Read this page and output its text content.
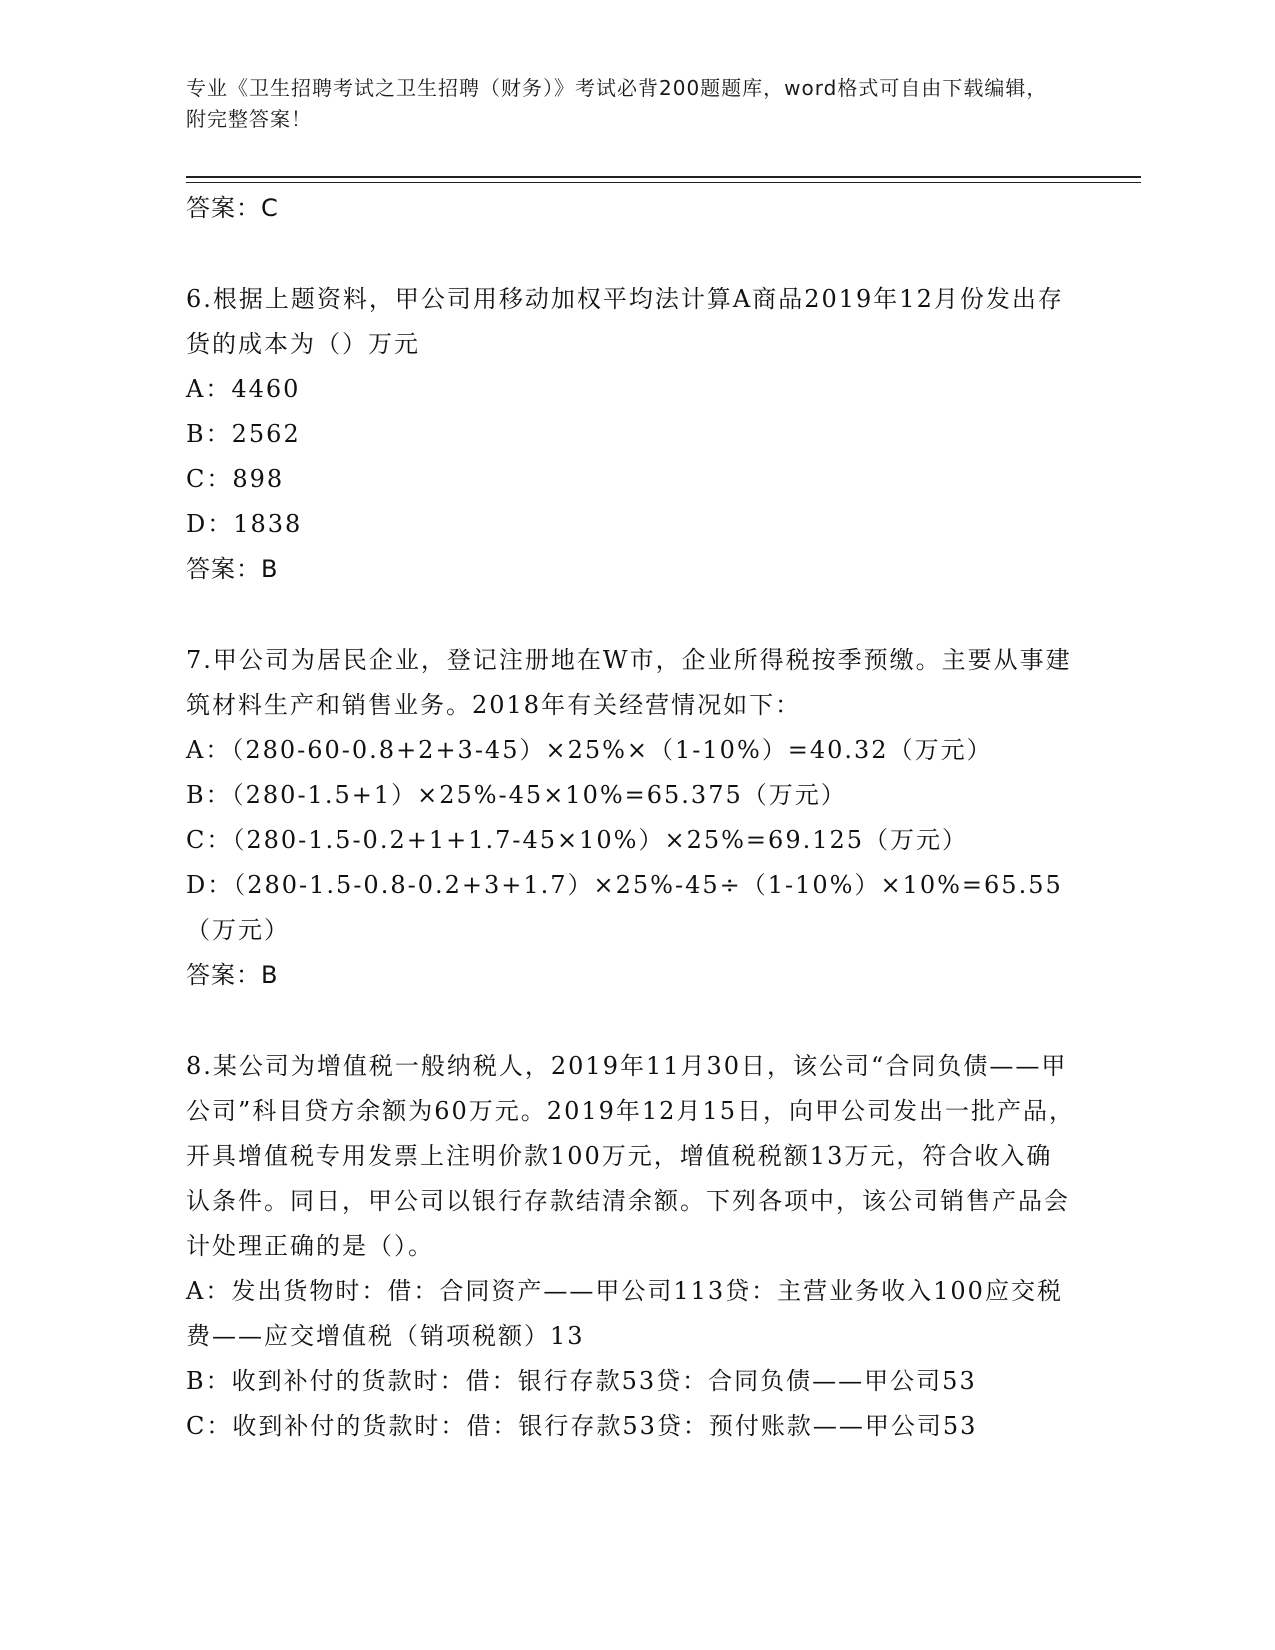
专业《卫生招聘考试之卫生招聘（财务）》考试必背200题题库，word格式可自由下载编辑，附完整答案！
答案：C
6.根据上题资料，甲公司用移动加权平均法计算A商品2019年12月份发出存货的成本为（）万元
A：4460
B：2562
C：898
D：1838
答案：B
7.甲公司为居民企业，登记注册地在W市，企业所得税按季预缴。主要从事建筑材料生产和销售业务。2018年有关经营情况如下：
A：（280-60-0.8+2+3-45）×25%×（1-10%）=40.32（万元）
B：（280-1.5+1）×25%-45×10%=65.375（万元）
C：（280-1.5-0.2+1+1.7-45×10%）×25%=69.125（万元）
D：（280-1.5-0.8-0.2+3+1.7）×25%-45÷（1-10%）×10%=65.55（万元）
答案：B
8.某公司为增值税一般纳税人，2019年11月30日，该公司“合同负债——甲公司”科目贷方余额为60万元。2019年12月15日，向甲公司发出一批产品，开具增值税专用发票上注明价款100万元，增值税税额13万元，符合收入确认条件。同日，甲公司以银行存款结清余额。下列各项中，该公司销售产品会计处理正确的是（）。
A：发出货物时：借：合同资产——甲公司113贷：主营业务收入100应交税费——应交增值税（销项税额）13
B：收到补付的货款时：借：银行存款53贷：合同负债——甲公司53
C：收到补付的货款时：借：银行存款53贷：预付账款——甲公司53
